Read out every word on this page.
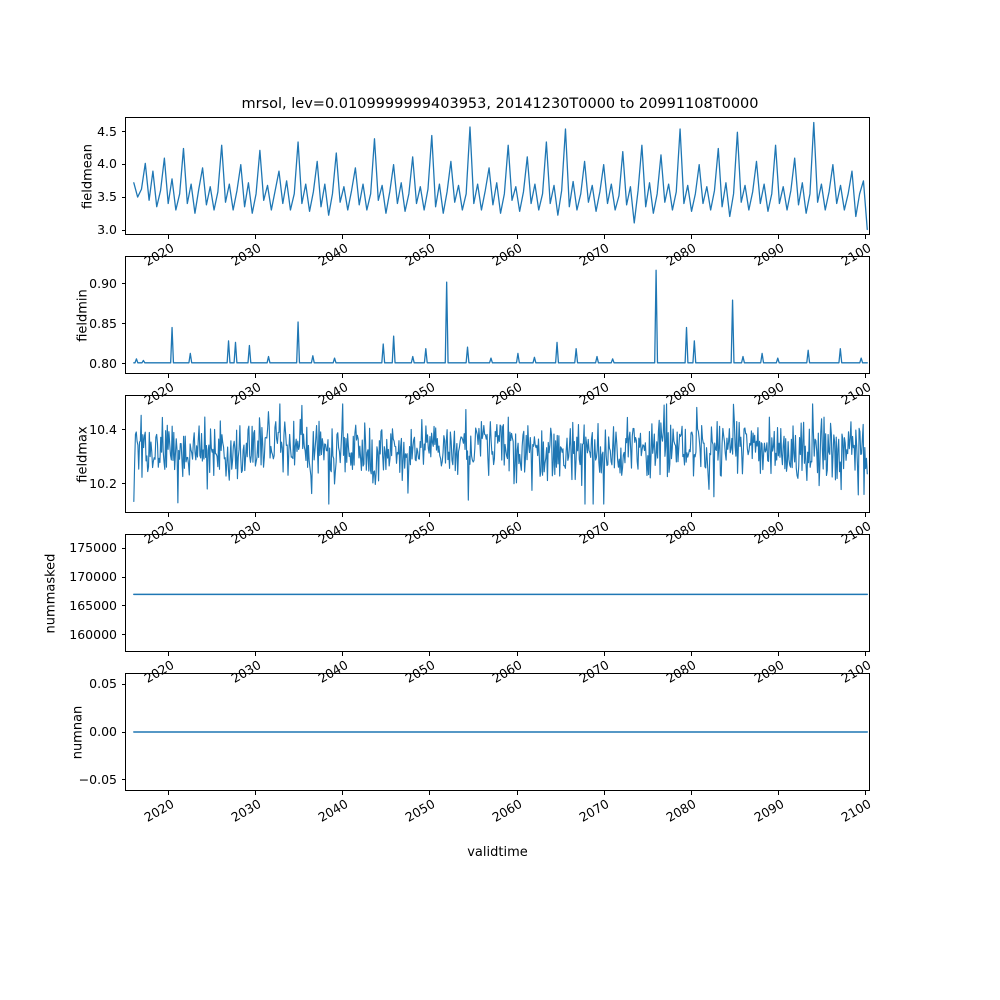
mrsol, lev=0.0109999999403953, 20141230T0000 to 20991108T0000
fieldmean
fieldmin
fieldmax
nummasked
numnan
validtime
3.0
3.5
4.0
4.5
2020	2030	2040	2050	2060	2070	2080	2090	2100
0.80
0.85
0.90
2020	2030	2040	2050	2060	2070	2080	2090	2100
10.2
10.4
2020	2030	2040	2050	2060	2070	2080	2090	2100
160000
165000
170000
175000
2020	2030	2040	2050	2060	2070	2080	2090	2100
−0.05
0.00
0.05
2020	2030	2040	2050	2060	2070	2080	2090	2100
